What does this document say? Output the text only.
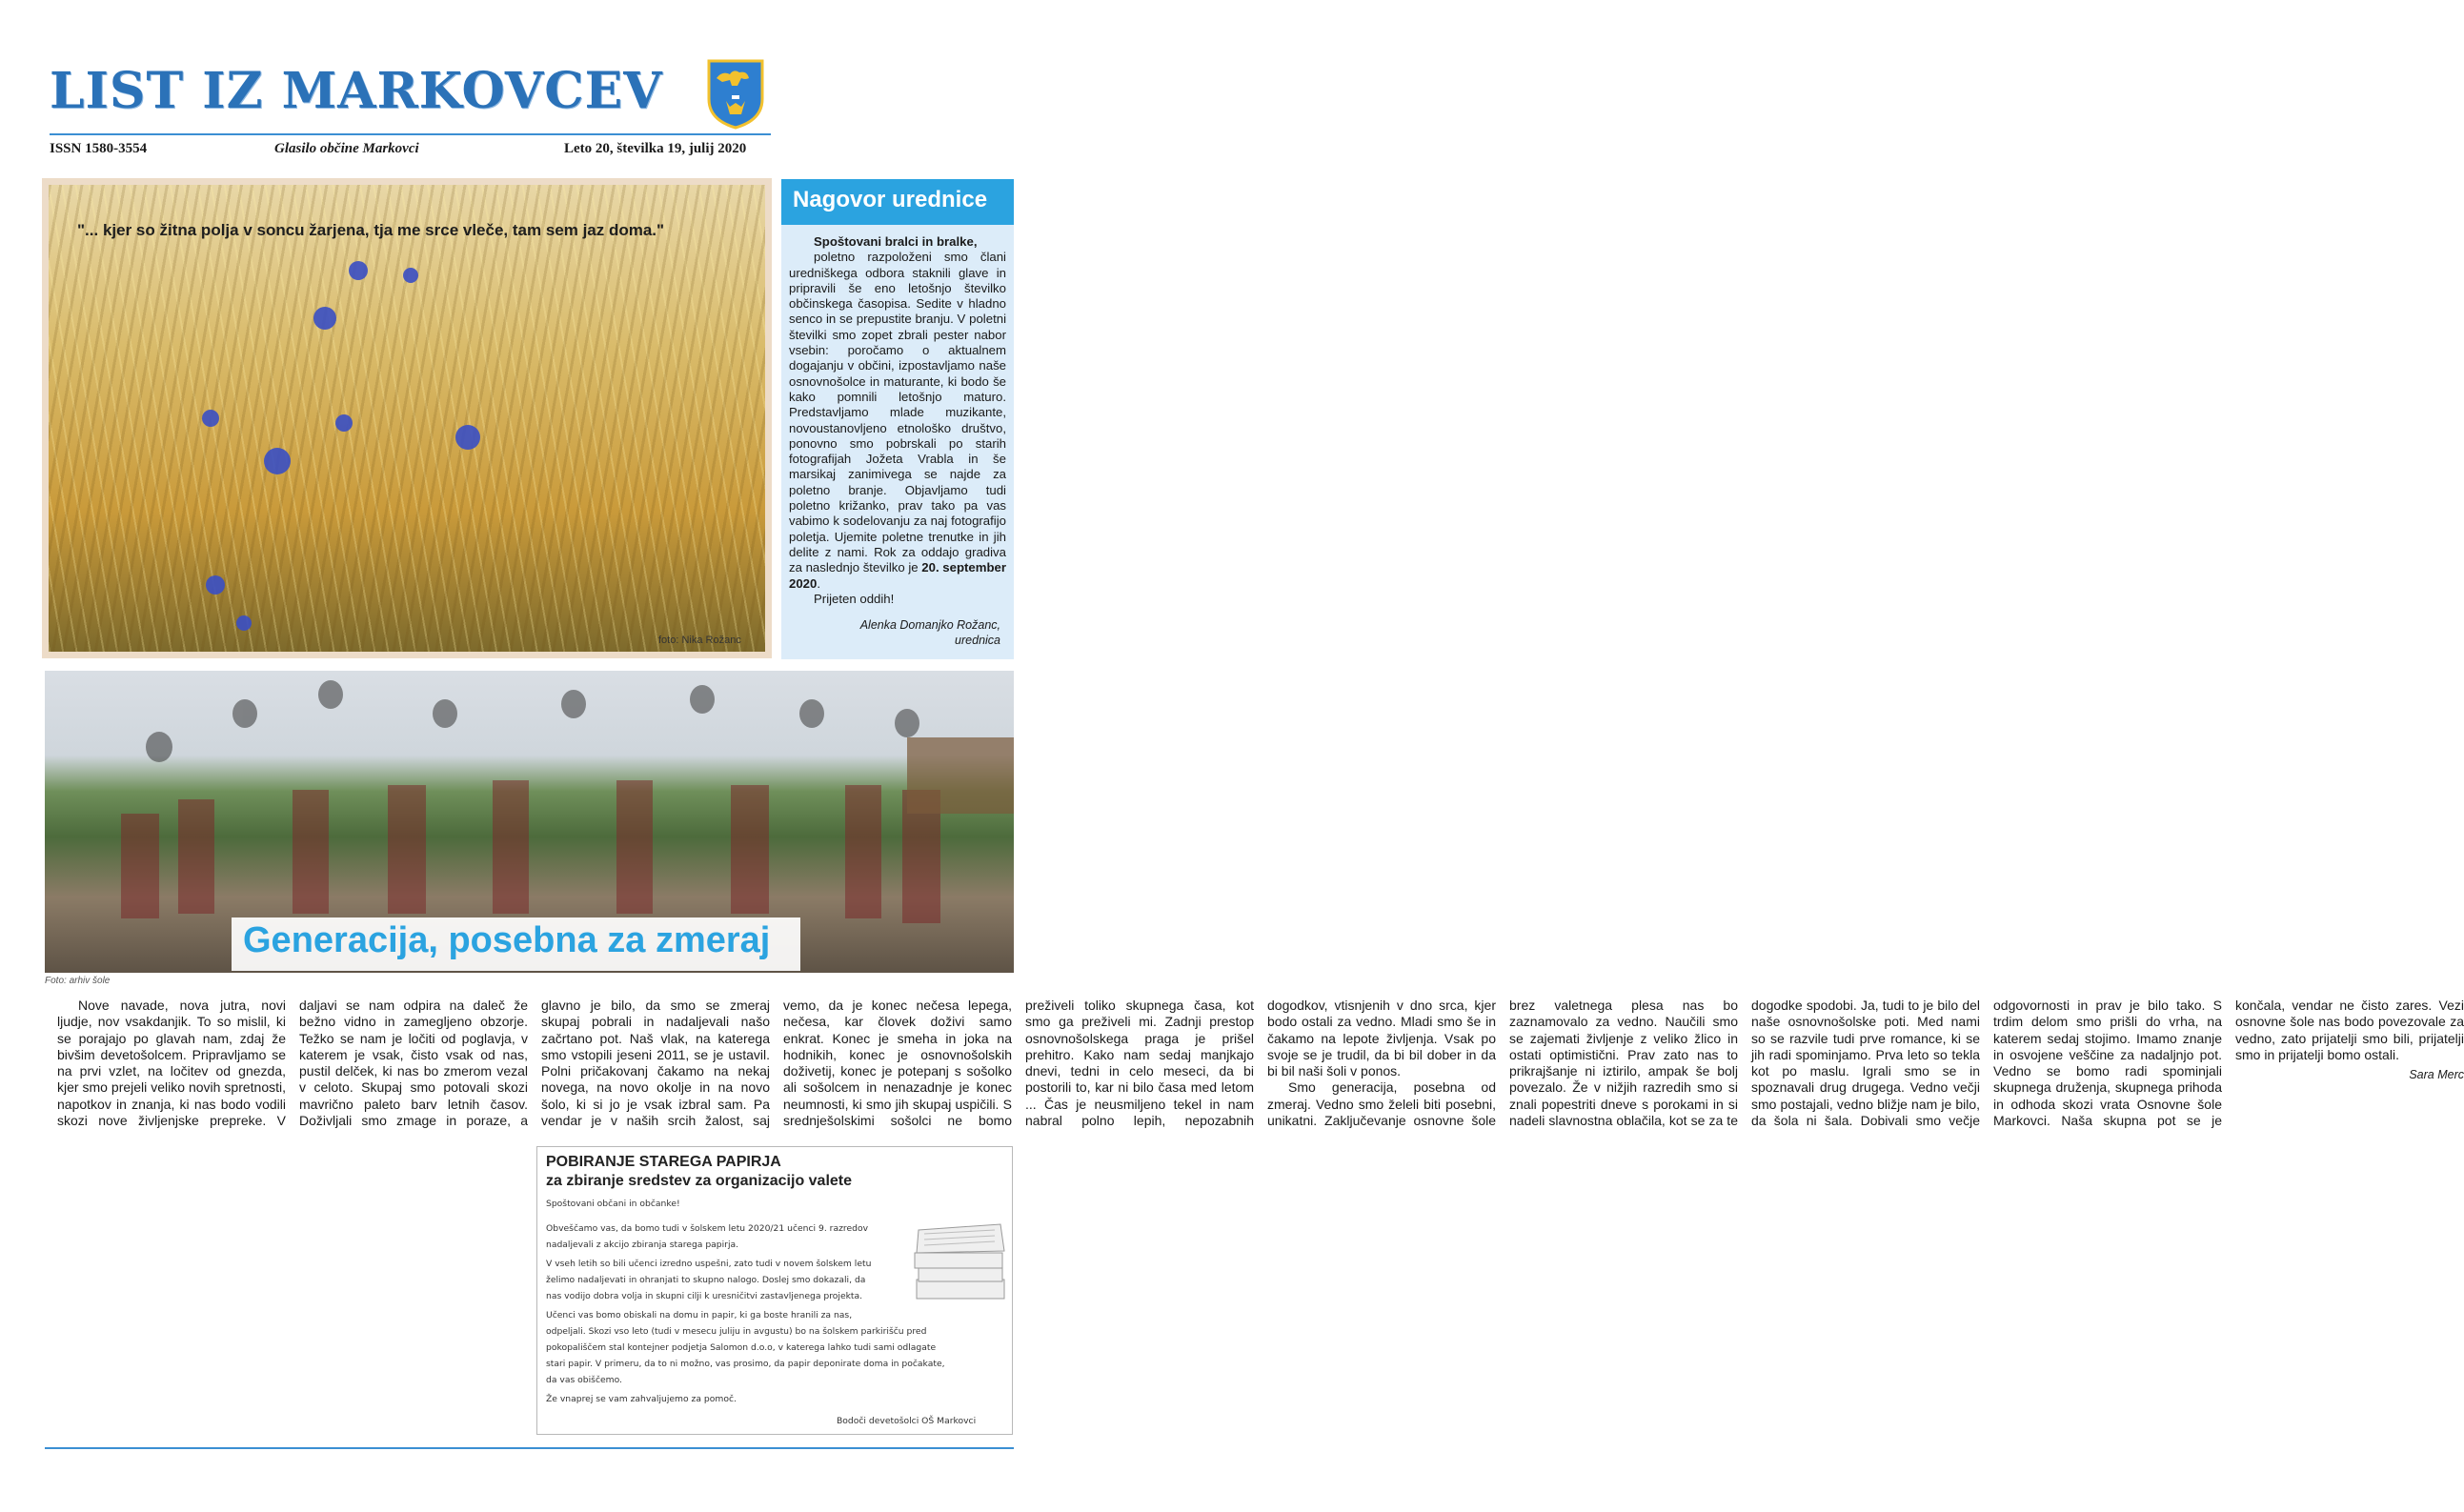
LIST IZ MARKOVCEV
ISSN 1580-3554	Glasilo občine Markovci	Leto 20, številka 19, julij 2020
"... kjer so žitna polja v soncu žarjena, tja me srce vleče, tam sem jaz doma."
foto: Nika Rožanc
Nagovor urednice

Spoštovani bralci in bralke,

poletno razpoloženi smo člani uredniškega odbora staknili glave in pripravili še eno letošnjo številko občinskega časopisa. Sedite v hladno senco in se prepustite branju. V poletni številki smo zopet zbrali pester nabor vsebin: poročamo o aktualnem dogajanju v občini, izpostavljamo naše osnovnošolce in maturante, ki bodo še kako pomnili letošnjo maturo. Predstavljamo mlade muzikante, novoustanovljeno etnološko društvo, ponovno smo pobrskali po starih fotografijah Jožeta Vrabla in še marsikaj zanimivega se najde za poletno branje. Objavljamo tudi poletno križanko, prav tako pa vas vabimo k sodelovanju za naj fotografijo poletja. Ujemite poletne trenutke in jih delite z nami. Rok za oddajo gradiva za naslednjo številko je 20. september 2020.

Prijeten oddih!

Alenka Domanjko Rožanc,
urednica
Generacija, posebna za zmeraj
Foto: arhiv šole

Nove navade, nova jutra, novi ljudje, nov vsakdanjik. To so mislil, ki se porajajo po glavah nam, zdaj že bivšim devetošolcem. Pripravljamo se na prvi vzlet, na ločitev od gnezda, kjer smo prejeli veliko novih spretnosti, napotkov in znanja, ki nas bodo vodili skozi nove življenjske prepreke. V daljavi se nam odpira na daleč že bežno vidno in zameglјeno obzorje. Težko se nam je ločiti od poglavja, v katerem je vsak, čisto vsak od nas, pustil delček, ki nas bo zmerom vezal v celoto. Skupaj smo potovali skozi mavrično paleto barv letnih časov. Doživljali smo zmage in poraze, a glavno je bilo, da smo se zmeraj skupaj pobrali in nadaljevali našo začrtano pot. Naš vlak, na katerega smo vstopili jeseni 2011, se je ustavil. Polni pričakovanj čakamo na nekaj novega, na novo okolje in na novo šolo, ki si jo je vsak izbral sam. Pa vendar je v naših srcih žalost, saj vemo, da je konec nečesa lepega, nečesa, kar človek doživi samo enkrat. Konec je smeha in joka na hodnikih, konec je osnovnošolskih doživetij, konec je potepanj s sošolko ali sošolcem in nenazadnje je konec neumnosti, ki smo jih skupaj uspičili. S srednješolskimi sošolci ne bomo preživeli toliko skupnega časa, kot smo ga preživeli mi. Zadnji prestop osnovnošolskega praga je prišel prehitro. Kako nam sedaj manjkajo dnevi, tedni in celo meseci, da bi postorili to, kar ni bilo časa med letom ... Čas je neusmiljeno tekel in nam nabral polno lepih, nepozabnih dogodkov, vtisnjenih v dno srca, kjer bodo ostali za vedno. Mladi smo še in čakamo na lepote življenja. Vsak po svoje se je trudil, da bi bil dober in da bi bil naši šoli v ponos.

Smo generacija, posebna od zmeraj. Vedno smo želeli biti posebni, unikatni. Zaključevanje osnovne šole brez valetnega plesa nas bo zaznamovalo za vedno. Naučili smo se zajemati življenje z veliko žlico in ostati optimistični. Prav zato nas to prikrajšanje ni iztirilo, ampak še bolj povezalo. Že v nižjih razredih smo si znali popestriti dneve s porokami in si nadeli slavnostna oblačila, kot se za te dogodke spodobi. Ja, tudi to je bilo del naše osnovnošolske poti. Med nami so se razvile tudi prve romance, ki se jih radi spominjamo. Prva leto so tekla kot po maslu. Igrali smo se in spoznavali drug drugega. Vedno večji smo postajali, vedno bližje nam je bilo, da šola ni šala. Dobivali smo večje odgovornosti in prav je bilo tako. S trdim delom smo prišli do vrha, na katerem sedaj stojimo. Imamo znanje in osvojene veščine za nadaljnjo pot. Vedno se bomo radi spominjali skupnega druženja, skupnega prihoda in odhoda skozi vrata Osnovne šole Markovci. Naša skupna pot se je končala, vendar ne čisto zares. Vezi osnovne šole nas bodo povezovale za vedno, zato prijatelji smo bili, prijatelji smo in prijatelji bomo ostali.

Sara Merc
POBIRANJE STAREGA PAPIRJA
za zbiranje sredstev za organizacijo valete
Spoštovani občani in občanke!
Obveščamo vas, da bomo tudi v šolskem letu 2020/21 učenci 9. razredov
nadaljevali z akcijo zbiranja starega papirja.
V vseh letih so bili učenci izredno uspešni, zato tudi v novem šolskem letu
želimo nadaljevati in ohranjati to skupno nalogo. Doslej smo dokazali, da
nas vodijo dobra volja in skupni cilji k uresničitvi zastavljenega projekta.
Učenci vas bomo obiskali na domu in papir, ki ga boste hranili za nas,
odpeljali. Skozi vso leto (tudi v mesecu juliju in avgustu) bo na šolskem parkirišču pred
pokopališčem stal kontejner podjetja Salomon d.o.o, v katerega lahko tudi sami odlagate
stari papir. V primeru, da to ni možno, vas prosimo, da papir deponirate doma in počakate,
da vas obiščemo.
Že vnaprej se vam zahvaljujemo za pomoč.
Bodoči devetošolci OŠ Markovci
